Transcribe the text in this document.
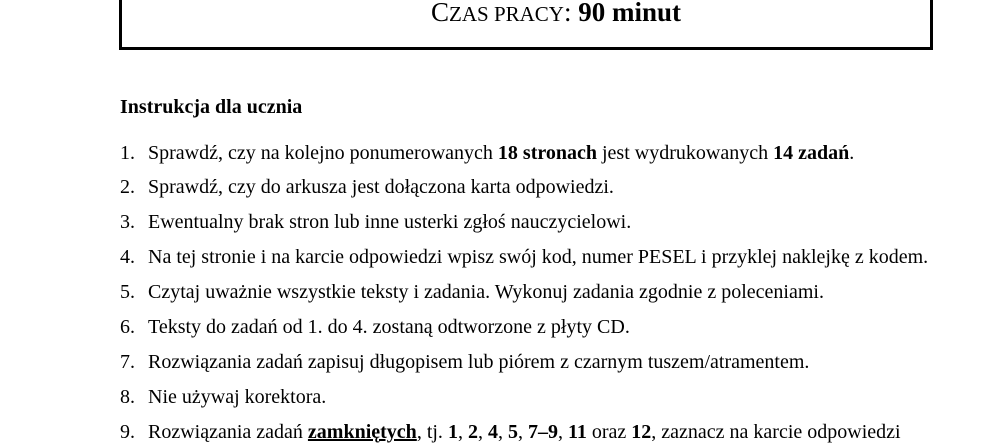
CZAS PRACY: 90 minut
Instrukcja dla ucznia
1. Sprawdź, czy na kolejno ponumerowanych 18 stronach jest wydrukowanych 14 zadań.
2. Sprawdź, czy do arkusza jest dołączona karta odpowiedzi.
3. Ewentualny brak stron lub inne usterki zgłoś nauczycielowi.
4. Na tej stronie i na karcie odpowiedzi wpisz swój kod, numer PESEL i przyklej naklejkę z kodem.
5. Czytaj uważnie wszystkie teksty i zadania. Wykonuj zadania zgodnie z poleceniami.
6. Teksty do zadań od 1. do 4. zostaną odtworzone z płyty CD.
7. Rozwiązania zadań zapisuj długopisem lub piórem z czarnym tuszem/atramentem.
8. Nie używaj korektora.
9. Rozwiązania zadań zamkniętych, tj. 1, 2, 4, 5, 7–9, 11 oraz 12, zaznacz na karcie odpowiedzi
